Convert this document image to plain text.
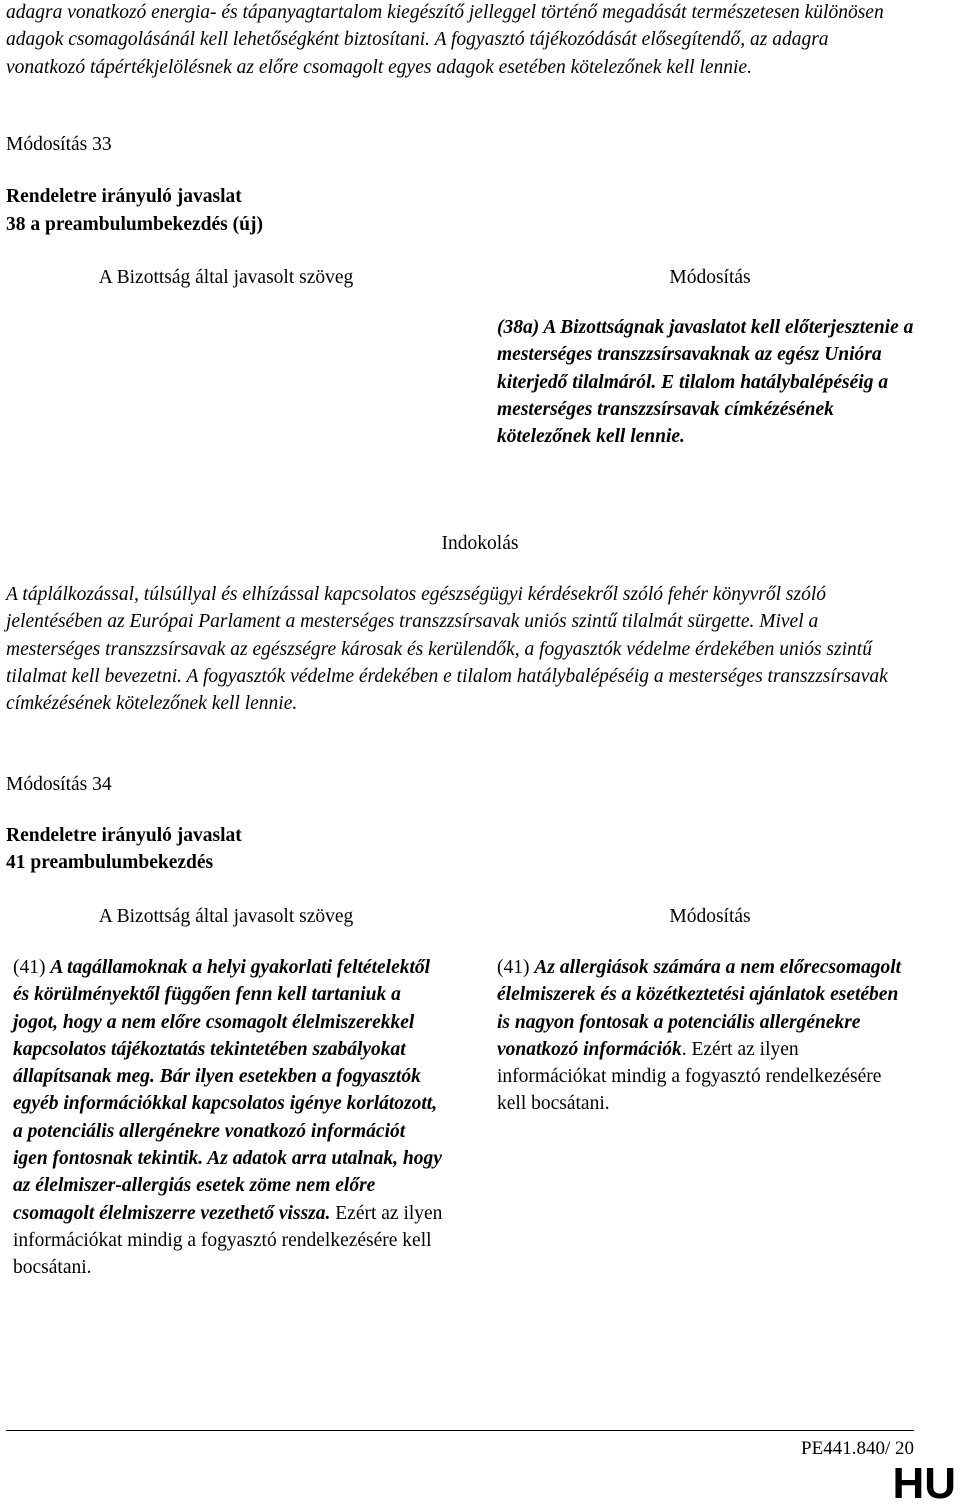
adagra vonatkozó energia- és tápanyagtartalom kiegészítő jelleggel történő megadását természetesen különösen adagok csomagolásánál kell lehetőségként biztosítani. A fogyasztó tájékozódását elősegítendő, az adagra vonatkozó tápértékjelölésnek az előre csomagolt egyes adagok esetében kötelezőnek kell lennie.

Módosítás 33

Rendeletre irányuló javaslat

38 a preambulumbekezdés (új)

A Bizottság által javasolt szöveg	Módosítás

(38a) A Bizottságnak javaslatot kell előterjesztenie a mesterséges transzzsírsavaknak az egész Unióra kiterjedő tilalmáról. E tilalom hatálybalépéséig a mesterséges transzzsírsavak címkézésének kötelezőnek kell lennie.

Indokolás

A táplálkozással, túlsúllyal és elhízással kapcsolatos egészségügyi kérdésekről szóló fehér könyvről szóló jelentésében az Európai Parlament a mesterséges transzzsírsavak uniós szintű tilalmát sürgette. Mivel a mesterséges transzzsírsavak az egészségre károsak és kerülendők, a fogyasztók védelme érdekében uniós szintű tilalmat kell bevezetni. A fogyasztók védelme érdekében e tilalom hatálybalépéséig a mesterséges transzzsírsavak címkézésének kötelezőnek kell lennie.

Módosítás 34

Rendeletre irányuló javaslat

41 preambulumbekezdés

A Bizottság által javasolt szöveg	Módosítás

(41) A tagállamoknak a helyi gyakorlati feltételektől és körülményektől függően fenn kell tartaniuk a jogot, hogy a nem előre csomagolt élelmiszerekkel kapcsolatos tájékoztatás tekintetében szabályokat állapítsanak meg. Bár ilyen esetekben a fogyasztók egyéb információkkal kapcsolatos igénye korlátozott, a potenciális allergénekre vonatkozó információt igen fontosnak tekintik. Az adatok arra utalnak, hogy az élelmiszer-allergiás esetek zöme nem előre csomagolt élelmiszerre vezethető vissza. Ezért az ilyen információkat mindig a fogyasztó rendelkezésére kell bocsátani.

(41) Az allergiások számára a nem előrecsomagolt élelmiszerek és a közétkeztetési ajánlatok esetében is nagyon fontosak a potenciális allergénekre vonatkozó információk. Ezért az ilyen információkat mindig a fogyasztó rendelkezésére kell bocsátani.

PE441.840/ 20
HU
